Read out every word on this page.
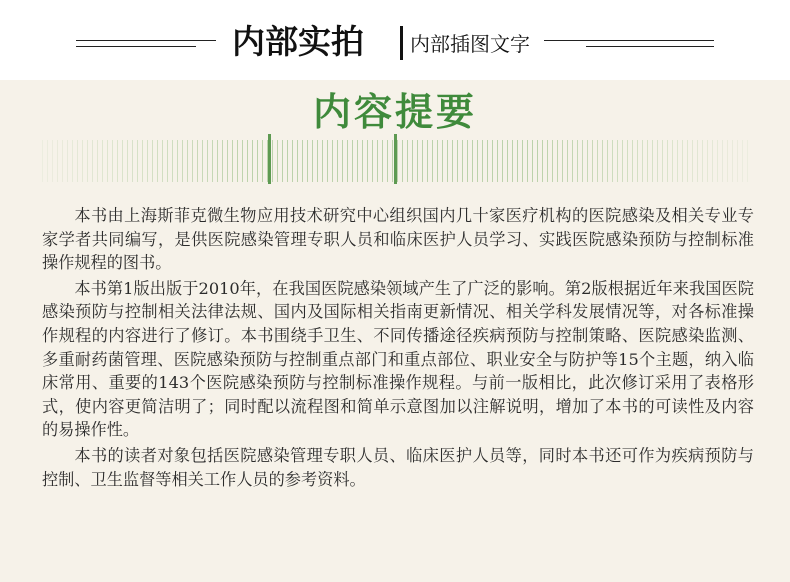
内部实拍	内部插图文字
内容提要

本书由上海斯菲克微生物应用技术研究中心组织国内几十家医疗机构的医院感染及相关专业专家学者共同编写，是供医院感染管理专职人员和临床医护人员学习、实践医院感染预防与控制标准操作规程的图书。

本书第1版出版于2010年，在我国医院感染领域产生了广泛的影响。第2版根据近年来我国医院感染预防与控制相关法律法规、国内及国际相关指南更新情况、相关学科发展情况等，对各标准操作规程的内容进行了修订。本书围绕手卫生、不同传播途径疾病预防与控制策略、医院感染监测、多重耐药菌管理、医院感染预防与控制重点部门和重点部位、职业安全与防护等15个主题，纳入临床常用、重要的143个医院感染预防与控制标准操作规程。与前一版相比，此次修订采用了表格形式，使内容更简洁明了；同时配以流程图和简单示意图加以注解说明，增加了本书的可读性及内容的易操作性。

本书的读者对象包括医院感染管理专职人员、临床医护人员等，同时本书还可作为疾病预防与控制、卫生监督等相关工作人员的参考资料。
